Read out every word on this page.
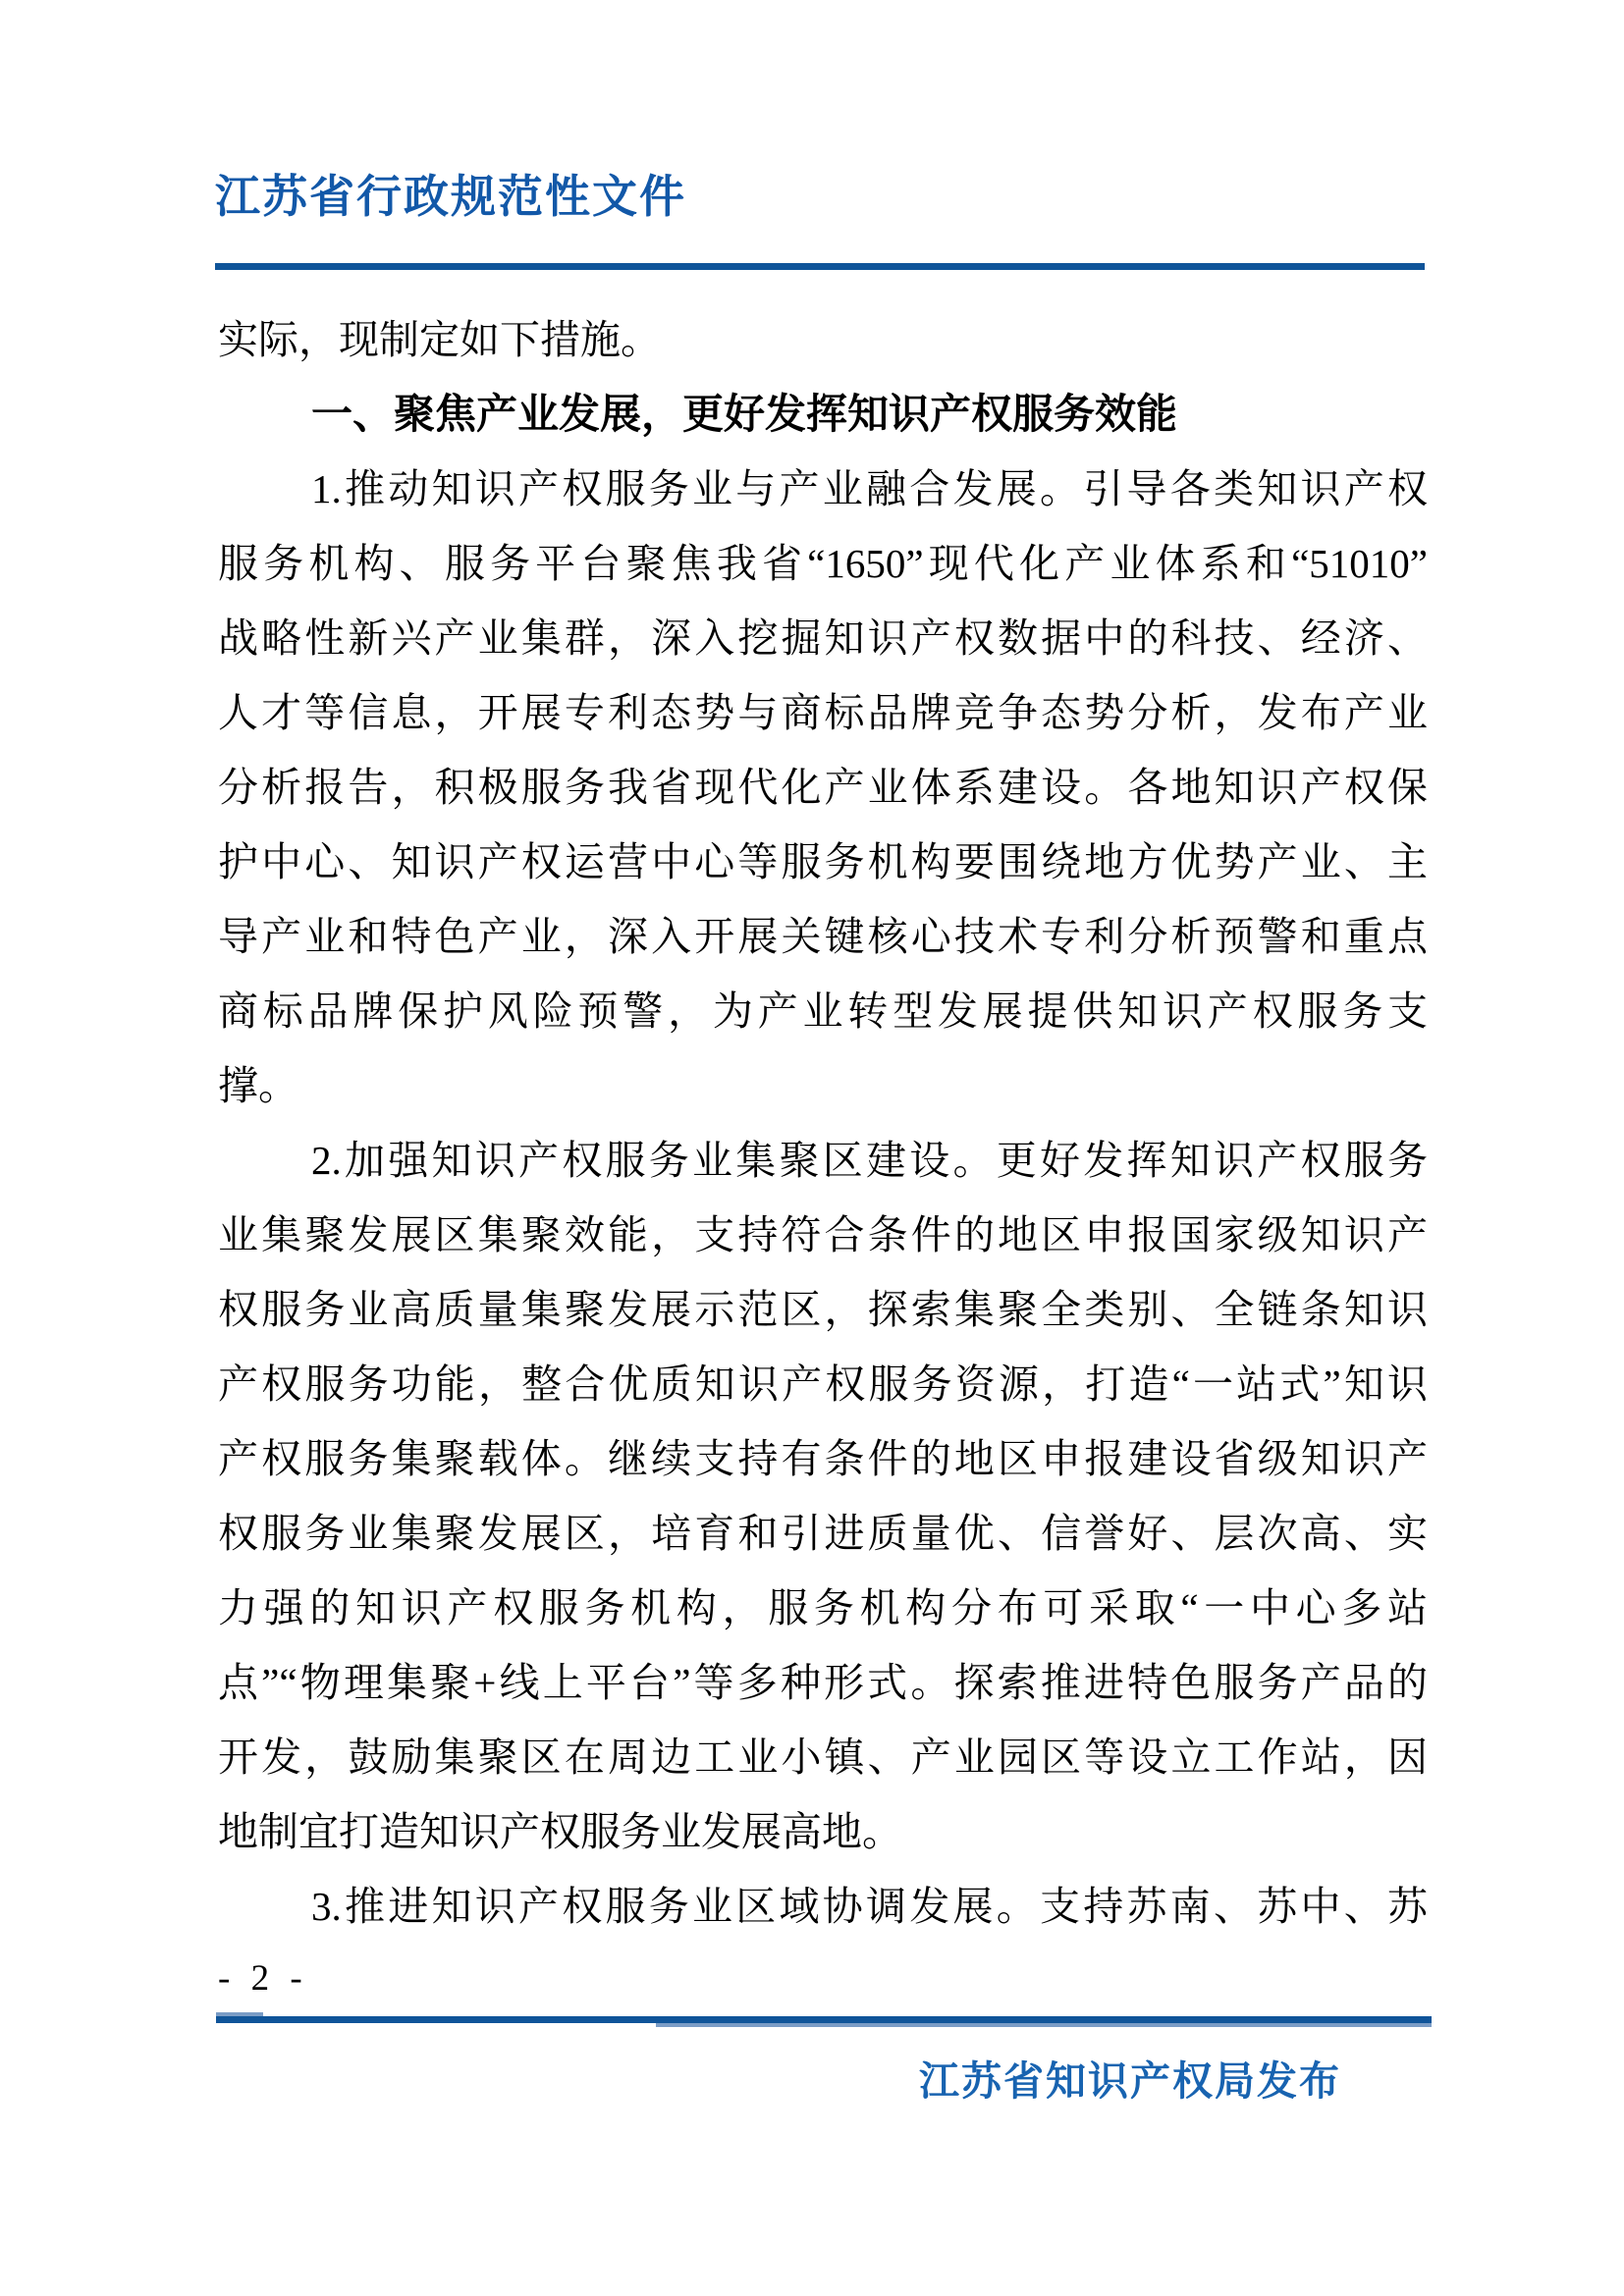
江苏省行政规范性文件
实际，现制定如下措施。
一、聚焦产业发展，更好发挥知识产权服务效能
1.推动知识产权服务业与产业融合发展。引导各类知识产权
服务机构、服务平台聚焦我省“1650”现代化产业体系和“51010”
战略性新兴产业集群，深入挖掘知识产权数据中的科技、经济、
人才等信息，开展专利态势与商标品牌竞争态势分析，发布产业
分析报告，积极服务我省现代化产业体系建设。各地知识产权保
护中心、知识产权运营中心等服务机构要围绕地方优势产业、主
导产业和特色产业，深入开展关键核心技术专利分析预警和重点
商标品牌保护风险预警，为产业转型发展提供知识产权服务支
撑。
2.加强知识产权服务业集聚区建设。更好发挥知识产权服务
业集聚发展区集聚效能，支持符合条件的地区申报国家级知识产
权服务业高质量集聚发展示范区，探索集聚全类别、全链条知识
产权服务功能，整合优质知识产权服务资源，打造“一站式”知识
产权服务集聚载体。继续支持有条件的地区申报建设省级知识产
权服务业集聚发展区，培育和引进质量优、信誉好、层次高、实
力强的知识产权服务机构，服务机构分布可采取“一中心多站
点”“物理集聚+线上平台”等多种形式。探索推进特色服务产品的
开发，鼓励集聚区在周边工业小镇、产业园区等设立工作站，因
地制宜打造知识产权服务业发展高地。
3.推进知识产权服务业区域协调发展。支持苏南、苏中、苏
- 2 -
江苏省知识产权局发布
